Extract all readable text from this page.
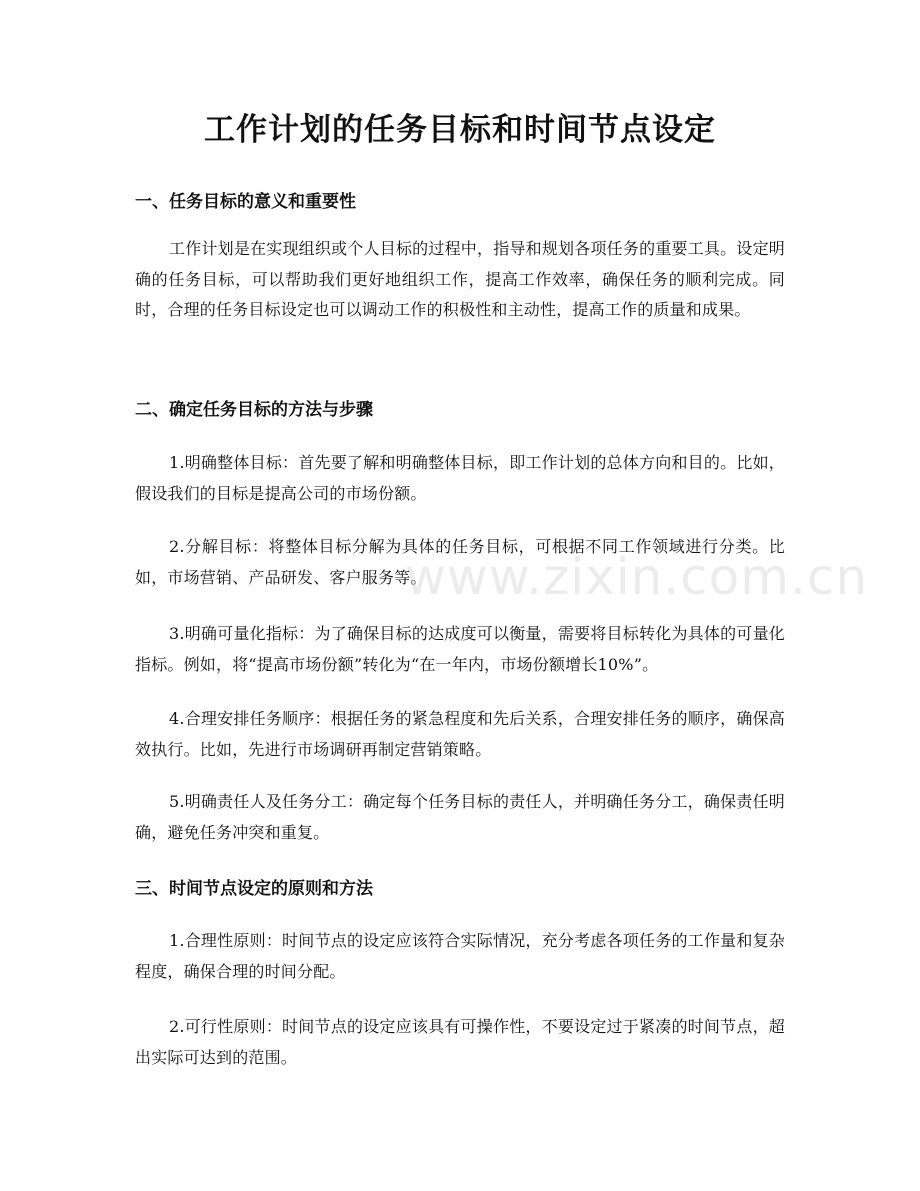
工作计划的任务目标和时间节点设定
一、任务目标的意义和重要性

工作计划是在实现组织或个人目标的过程中，指导和规划各项任务的重要工具。设定明确的任务目标，可以帮助我们更好地组织工作，提高工作效率，确保任务的顺利完成。同时，合理的任务目标设定也可以调动工作的积极性和主动性，提高工作的质量和成果。

二、确定任务目标的方法与步骤

1.明确整体目标：首先要了解和明确整体目标，即工作计划的总体方向和目的。比如，假设我们的目标是提高公司的市场份额。

2.分解目标：将整体目标分解为具体的任务目标，可根据不同工作领域进行分类。比如，市场营销、产品研发、客户服务等。

3.明确可量化指标：为了确保目标的达成度可以衡量，需要将目标转化为具体的可量化指标。例如，将“提高市场份额”转化为“在一年内，市场份额增长10%”。

4.合理安排任务顺序：根据任务的紧急程度和先后关系，合理安排任务的顺序，确保高效执行。比如，先进行市场调研再制定营销策略。

5.明确责任人及任务分工：确定每个任务目标的责任人，并明确任务分工，确保责任明确，避免任务冲突和重复。

三、时间节点设定的原则和方法

1.合理性原则：时间节点的设定应该符合实际情况，充分考虑各项任务的工作量和复杂程度，确保合理的时间分配。

2.可行性原则：时间节点的设定应该具有可操作性，不要设定过于紧凑的时间节点，超出实际可达到的范围。

www.zixin.com.cn
